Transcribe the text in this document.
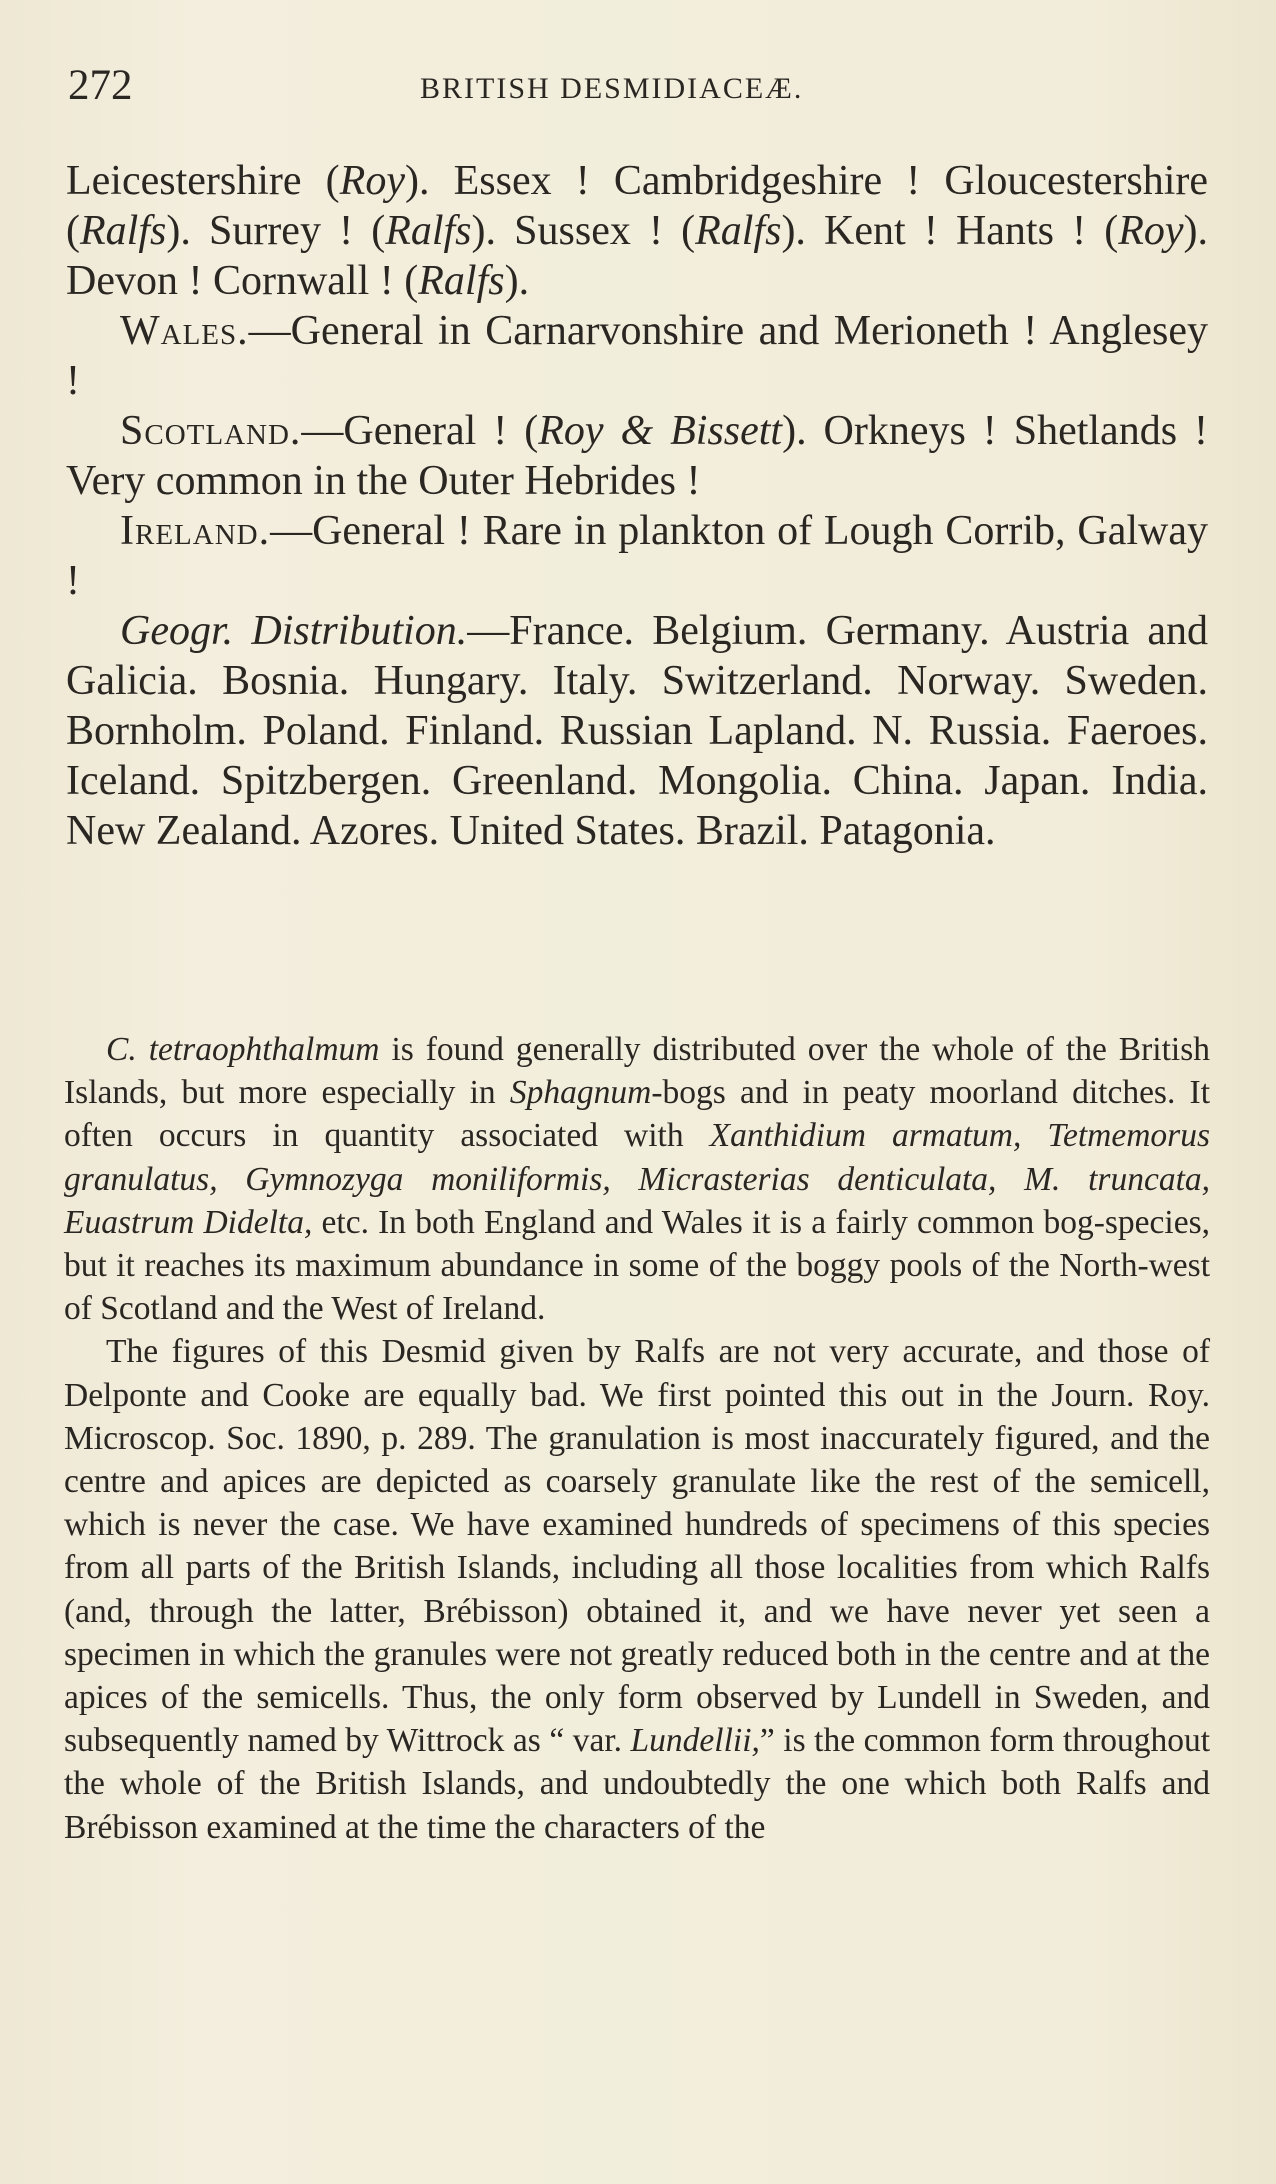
272	BRITISH DESMIDIACEÆ.

Leicestershire (Roy). Essex ! Cambridgeshire ! Gloucestershire (Ralfs). Surrey ! (Ralfs). Sussex ! (Ralfs). Kent ! Hants ! (Roy). Devon ! Cornwall ! (Ralfs).

Wales.—General in Carnarvonshire and Merioneth ! Anglesey !

Scotland.—General ! (Roy & Bissett). Orkneys ! Shetlands ! Very common in the Outer Hebrides !

Ireland.—General ! Rare in plankton of Lough Corrib, Galway !

Geogr. Distribution.—France. Belgium. Germany. Austria and Galicia. Bosnia. Hungary. Italy. Switzerland. Norway. Sweden. Bornholm. Poland. Finland. Russian Lapland. N. Russia. Faeroes. Iceland. Spitzbergen. Greenland. Mongolia. China. Japan. India. New Zealand. Azores. United States. Brazil. Patagonia.

C. tetraophthalmum is found generally distributed over the whole of the British Islands, but more especially in Sphagnum-bogs and in peaty moorland ditches. It often occurs in quantity associated with Xanthidium armatum, Tetmemorus granulatus, Gymnozyga moniliformis, Micrasterias denticulata, M. truncata, Euastrum Didelta, etc. In both England and Wales it is a fairly common bog-species, but it reaches its maximum abundance in some of the boggy pools of the North-west of Scotland and the West of Ireland.

The figures of this Desmid given by Ralfs are not very accurate, and those of Delponte and Cooke are equally bad. We first pointed this out in the Journ. Roy. Microscop. Soc. 1890, p. 289. The granulation is most inaccurately figured, and the centre and apices are depicted as coarsely granulate like the rest of the semicell, which is never the case. We have examined hundreds of specimens of this species from all parts of the British Islands, including all those localities from which Ralfs (and, through the latter, Brébisson) obtained it, and we have never yet seen a specimen in which the granules were not greatly reduced both in the centre and at the apices of the semicells. Thus, the only form observed by Lundell in Sweden, and subsequently named by Wittrock as “ var. Lundellii,” is the common form throughout the whole of the British Islands, and undoubtedly the one which both Ralfs and Brébisson examined at the time the characters of the
